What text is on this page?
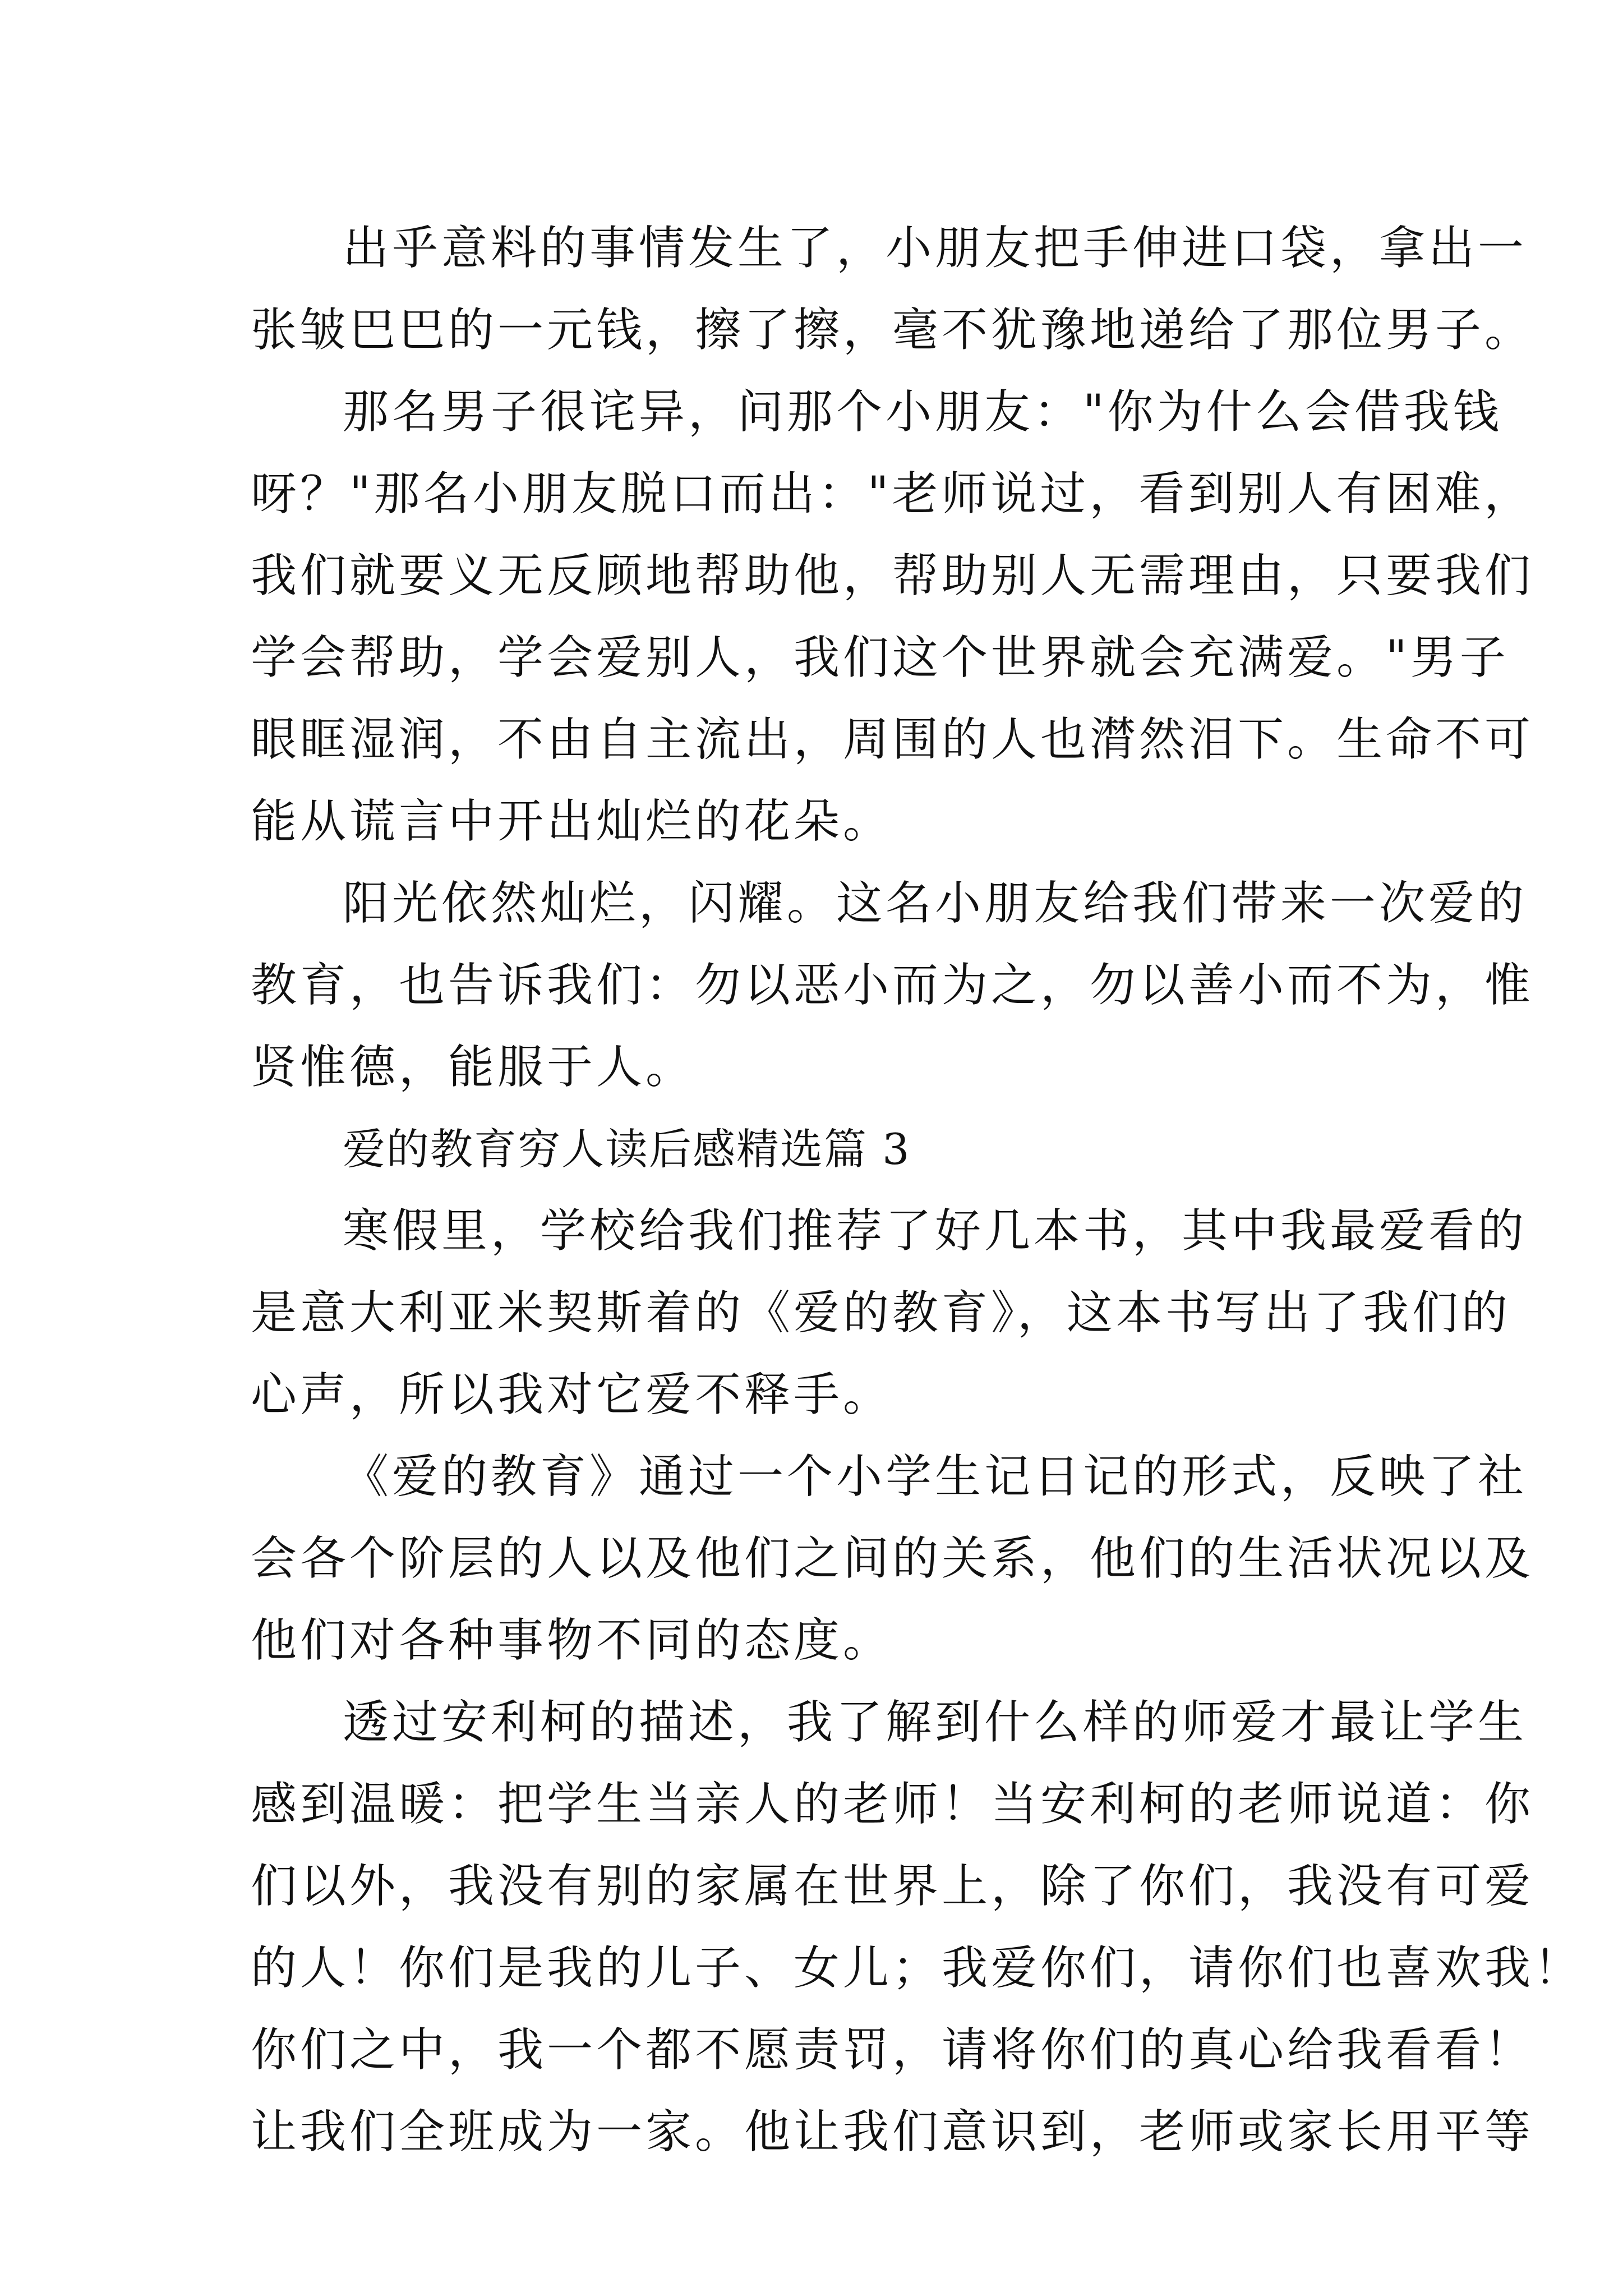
出乎意料的事情发生了，小朋友把手伸进口袋，拿出一
张皱巴巴的一元钱，擦了擦，毫不犹豫地递给了那位男子。
那名男子很诧异，问那个小朋友："你为什么会借我钱
呀？"那名小朋友脱口而出："老师说过，看到别人有困难，
我们就要义无反顾地帮助他，帮助别人无需理由，只要我们
学会帮助，学会爱别人，我们这个世界就会充满爱。"男子
眼眶湿润，不由自主流出，周围的人也潸然泪下。生命不可
能从谎言中开出灿烂的花朵。
阳光依然灿烂，闪耀。这名小朋友给我们带来一次爱的
教育，也告诉我们：勿以恶小而为之，勿以善小而不为，惟
贤惟德，能服于人。
爱的教育穷人读后感精选篇 3
寒假里，学校给我们推荐了好几本书，其中我最爱看的
是意大利亚米契斯着的《爱的教育》，这本书写出了我们的
心声，所以我对它爱不释手。
《爱的教育》通过一个小学生记日记的形式，反映了社
会各个阶层的人以及他们之间的关系，他们的生活状况以及
他们对各种事物不同的态度。
透过安利柯的描述，我了解到什么样的师爱才最让学生
感到温暖：把学生当亲人的老师！当安利柯的老师说道：你
们以外，我没有别的家属在世界上，除了你们，我没有可爱
的人！你们是我的儿子、女儿；我爱你们，请你们也喜欢我！
你们之中，我一个都不愿责罚，请将你们的真心给我看看！
让我们全班成为一家。他让我们意识到，老师或家长用平等
